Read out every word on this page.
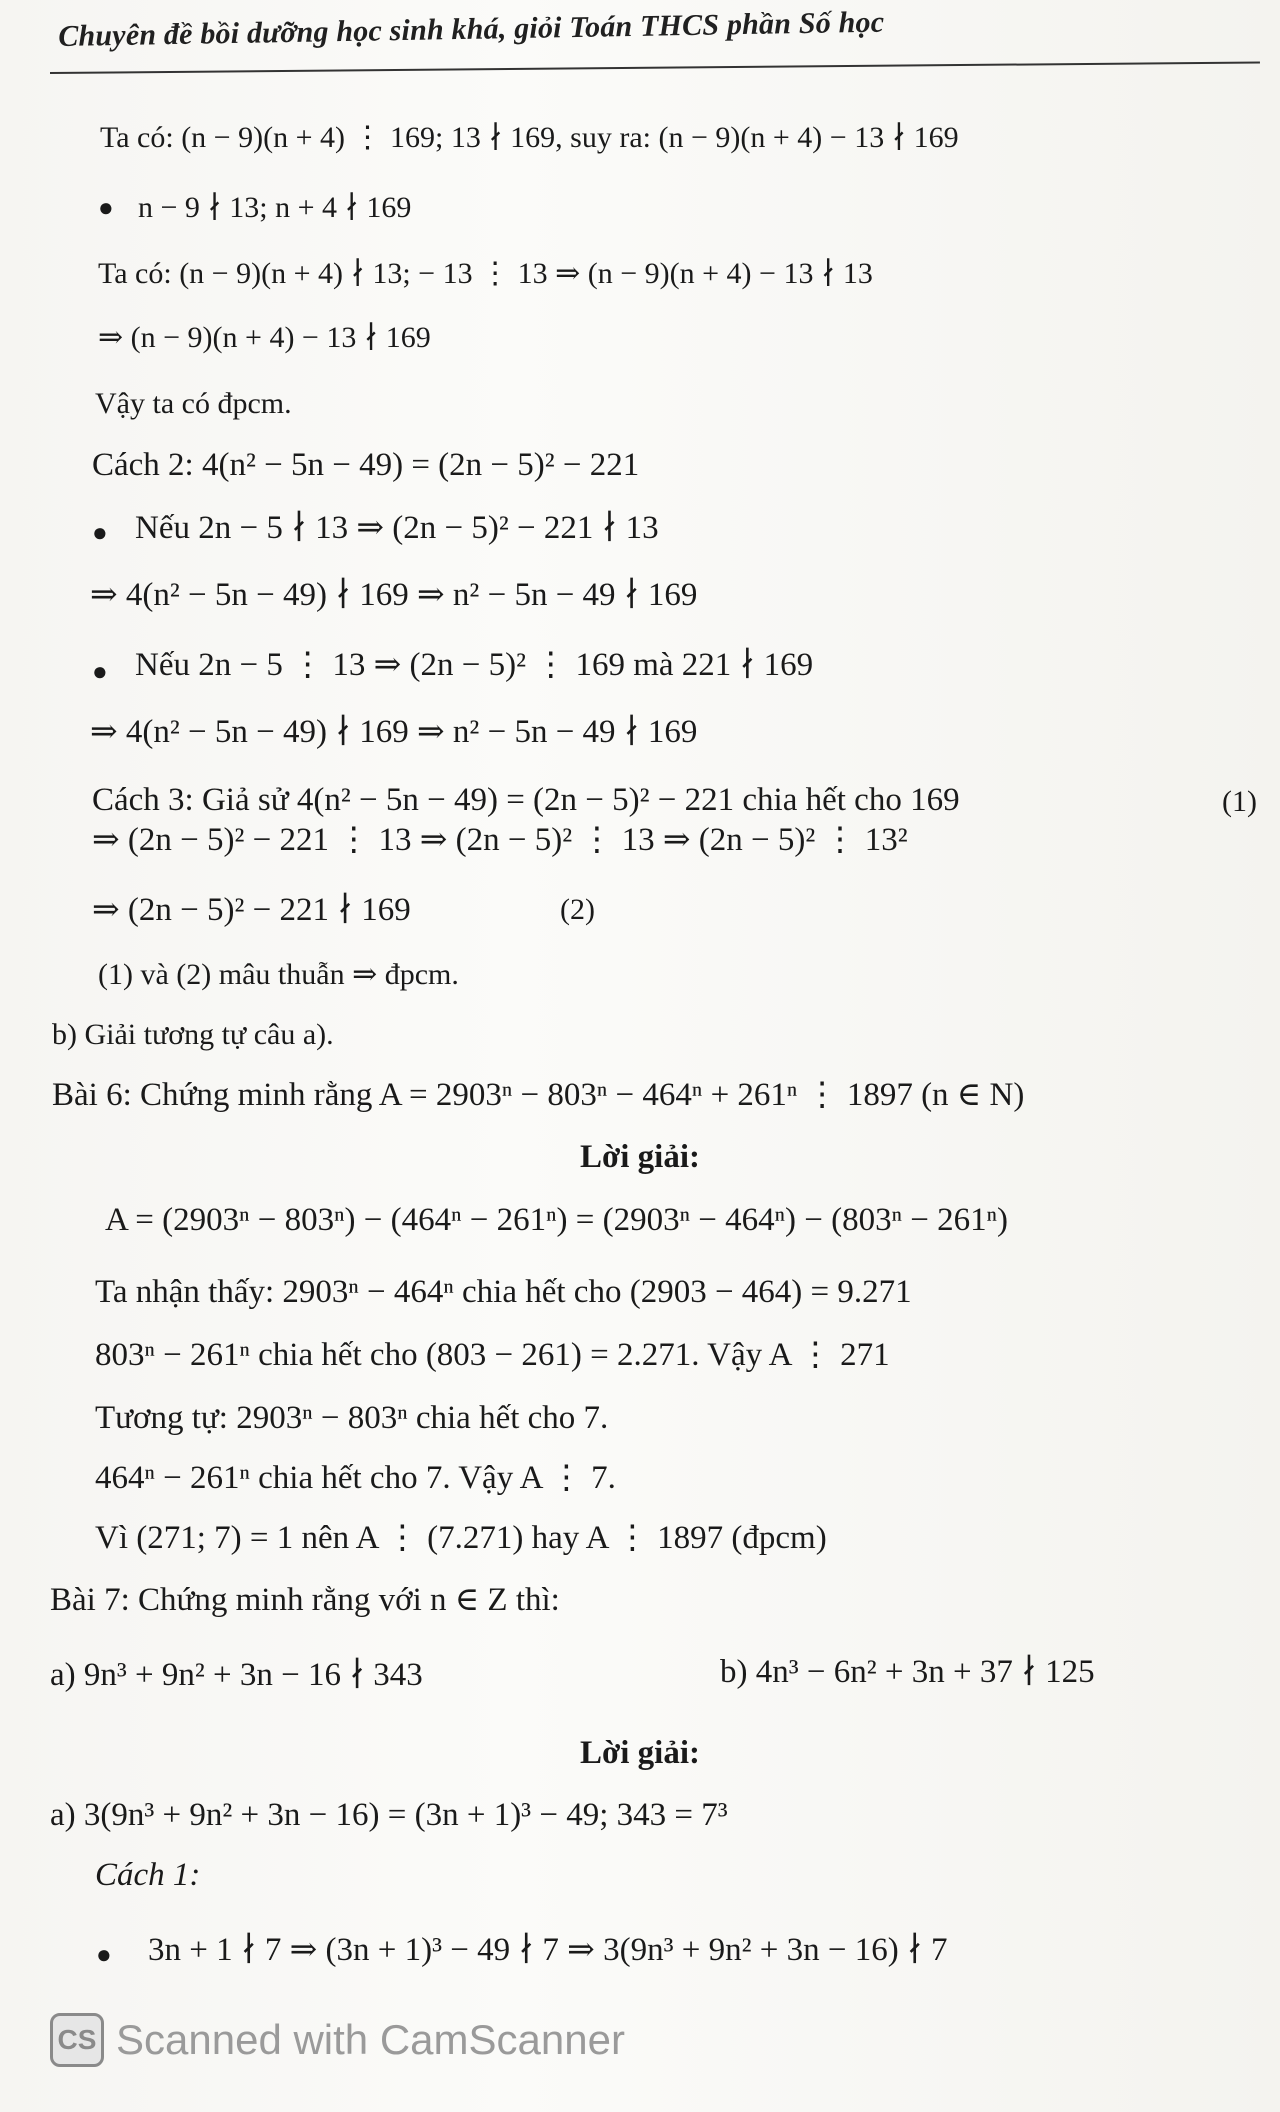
Chuyên đề bồi dưỡng học sinh khá, giỏi Toán THCS phần Số học
Ta có: (n − 9)(n + 4) ⋮ 169; 13 ∤ 169, suy ra: (n − 9)(n + 4) − 13 ∤ 169
● n − 9 ∤ 13; n + 4 ∤ 169
Ta có: (n − 9)(n + 4) ∤ 13; − 13 ⋮ 13 ⇒ (n − 9)(n + 4) − 13 ∤ 13
⇒ (n − 9)(n + 4) − 13 ∤ 169
Vậy ta có đpcm.
Cách 2: 4(n² − 5n − 49) = (2n − 5)² − 221
● Nếu 2n − 5 ∤ 13 ⇒ (2n − 5)² − 221 ∤ 13
⇒ 4(n² − 5n − 49) ∤ 169 ⇒ n² − 5n − 49 ∤ 169
● Nếu 2n − 5 ⋮ 13 ⇒ (2n − 5)² ⋮ 169 mà 221 ∤ 169
⇒ 4(n² − 5n − 49) ∤ 169 ⇒ n² − 5n − 49 ∤ 169
Cách 3: Giả sử 4(n² − 5n − 49) = (2n − 5)² − 221 chia hết cho 169	(1)
⇒ (2n − 5)² − 221 ⋮ 13 ⇒ (2n − 5)² ⋮ 13 ⇒ (2n − 5)² ⋮ 13²
⇒ (2n − 5)² − 221 ∤ 169	(2)
(1) và (2) mâu thuẫn ⇒ đpcm.
b) Giải tương tự câu a).
Bài 6: Chứng minh rằng A = 2903ⁿ − 803ⁿ − 464ⁿ + 261ⁿ ⋮ 1897 (n ∈ N)
Lời giải:
A = (2903ⁿ − 803ⁿ) − (464ⁿ − 261ⁿ) = (2903ⁿ − 464ⁿ) − (803ⁿ − 261ⁿ)
Ta nhận thấy: 2903ⁿ − 464ⁿ chia hết cho (2903 − 464) = 9.271
803ⁿ − 261ⁿ chia hết cho (803 − 261) = 2.271. Vậy A ⋮ 271
Tương tự: 2903ⁿ − 803ⁿ chia hết cho 7.
464ⁿ − 261ⁿ chia hết cho 7. Vậy A ⋮ 7.
Vì (271; 7) = 1 nên A ⋮ (7.271) hay A ⋮ 1897 (đpcm)
Bài 7: Chứng minh rằng với n ∈ Z thì:
a) 9n³ + 9n² + 3n − 16 ∤ 343	b) 4n³ − 6n² + 3n + 37 ∤ 125
Lời giải:
a) 3(9n³ + 9n² + 3n − 16) = (3n + 1)³ − 49; 343 = 7³
Cách 1:
● 3n + 1 ∤ 7 ⇒ (3n + 1)³ − 49 ∤ 7 ⇒ 3(9n³ + 9n² + 3n − 16) ∤ 7
CS Scanned with CamScanner
